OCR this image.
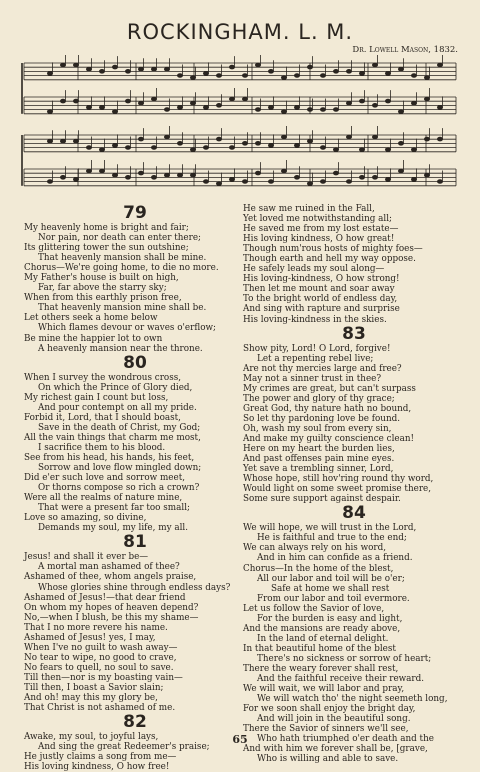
ROCKINGHAM. L. M.
Dr. Lowell Mason, 1832.
79
My heavenly home is bright and fair;
Nor pain, nor death can enter there;
Its glittering tower the sun outshine;
That heavenly mansion shall be mine.
Chorus—We're going home, to die no more.
My Father's house is built on high,
Far, far above the starry sky;
When from this earthly prison free,
That heavenly mansion mine shall be.
Let others seek a home below
Which flames devour or waves o'erflow;
Be mine the happier lot to own
A heavenly mansion near the throne.
80
When I survey the wondrous cross,
On which the Prince of Glory died,
My richest gain I count but loss,
And pour contempt on all my pride.
Forbid it, Lord, that I should boast,
Save in the death of Christ, my God;
All the vain things that charm me most,
I sacrifice them to his blood.
See from his head, his hands, his feet,
Sorrow and love flow mingled down;
Did e'er such love and sorrow meet,
Or thorns compose so rich a crown?
Were all the realms of nature mine,
That were a present far too small;
Love so amazing, so divine,
Demands my soul, my life, my all.
81
Jesus! and shall it ever be—
A mortal man ashamed of thee?
Ashamed of thee, whom angels praise,
Whose glories shine through endless days?
Ashamed of Jesus!—that dear friend
On whom my hopes of heaven depend?
No,—when I blush, be this my shame—
That I no more revere his name.
Ashamed of Jesus! yes, I may,
When I've no guilt to wash away—
No tear to wipe, no good to crave,
No fears to quell, no soul to save.
Till then—nor is my boasting vain—
Till then, I boast a Savior slain;
And oh! may this my glory be,
That Christ is not ashamed of me.
82
Awake, my soul, to joyful lays,
And sing the great Redeemer's praise;
He justly claims a song from me—
His loving kindness, O how free!
He saw me ruined in the Fall,
Yet loved me notwithstanding all;
He saved me from my lost estate—
His loving kindness, O how great!
Though num'rous hosts of mighty foes—
Though earth and hell my way oppose.
He safely leads my soul along—
His loving-kindness, O how strong!
Then let me mount and soar away
To the bright world of endless day,
And sing with rapture and surprise
His loving-kindness in the skies.
83
Show pity, Lord! O Lord, forgive!
Let a repenting rebel live;
Are not thy mercies large and free?
May not a sinner trust in thee?
My crimes are great, but can't surpass
The power and glory of thy grace;
Great God, thy nature hath no bound,
So let thy pardoning love be found.
Oh, wash my soul from every sin,
And make my guilty conscience clean!
Here on my heart the burden lies,
And past offenses pain mine eyes.
Yet save a trembling sinner, Lord,
Whose hope, still hov'ring round thy word,
Would light on some sweet promise there,
Some sure support against despair.
84
We will hope, we will trust in the Lord,
He is faithful and true to the end;
We can always rely on his word,
And in him can confide as a friend.
Chorus—In the home of the blest,
All our labor and toil will be o'er;
Safe at home we shall rest
From our labor and toil evermore.
Let us follow the Savior of love,
For the burden is easy and light,
And the mansions are ready above,
In the land of eternal delight.
In that beautiful home of the blest
There's no sickness or sorrow of heart;
There the weary forever shall rest,
And the faithful receive their reward.
We will wait, we will labor and pray,
We will watch tho' the night seemeth long,
For we soon shall enjoy the bright day,
And will join in the beautiful song.
There the Savior of sinners we'll see,
Who hath triumphed o'er death and the
And with him we forever shall be, [grave,
Who is willing and able to save.
65
